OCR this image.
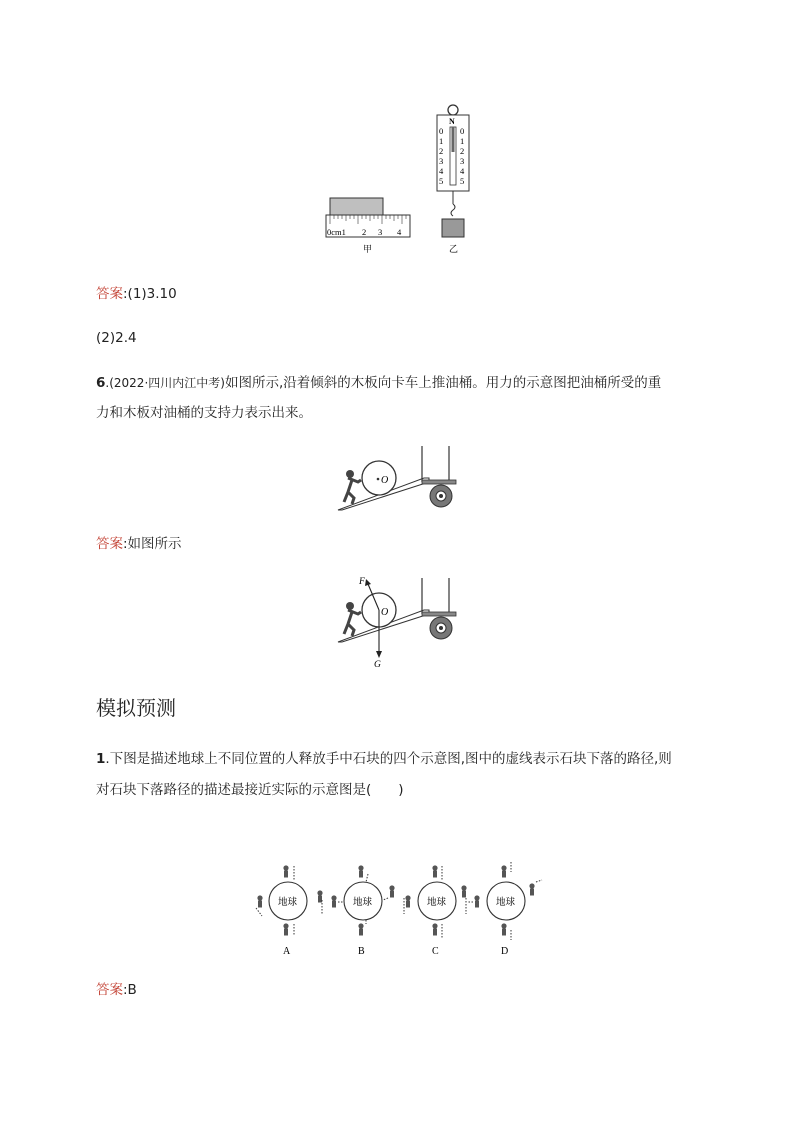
0cm1 2 3 4
甲
N
0
1
2
3
4
5
0
1
2
3
4
5
乙
答案:(1)3.10
(2)2.4
6.(2022·四川内江中考)如图所示,沿着倾斜的木板向卡车上推油桶。用力的示意图把油桶所受的重
力和木板对油桶的支持力表示出来。
O
答案:如图所示
O
F
G
模拟预测
1.下图是描述地球上不同位置的人释放手中石块的四个示意图,图中的虚线表示石块下落的路径,则
对石块下落路径的描述最接近实际的示意图是(　　)
地球
A
地球
B
地球
C
地球
D
答案:B
